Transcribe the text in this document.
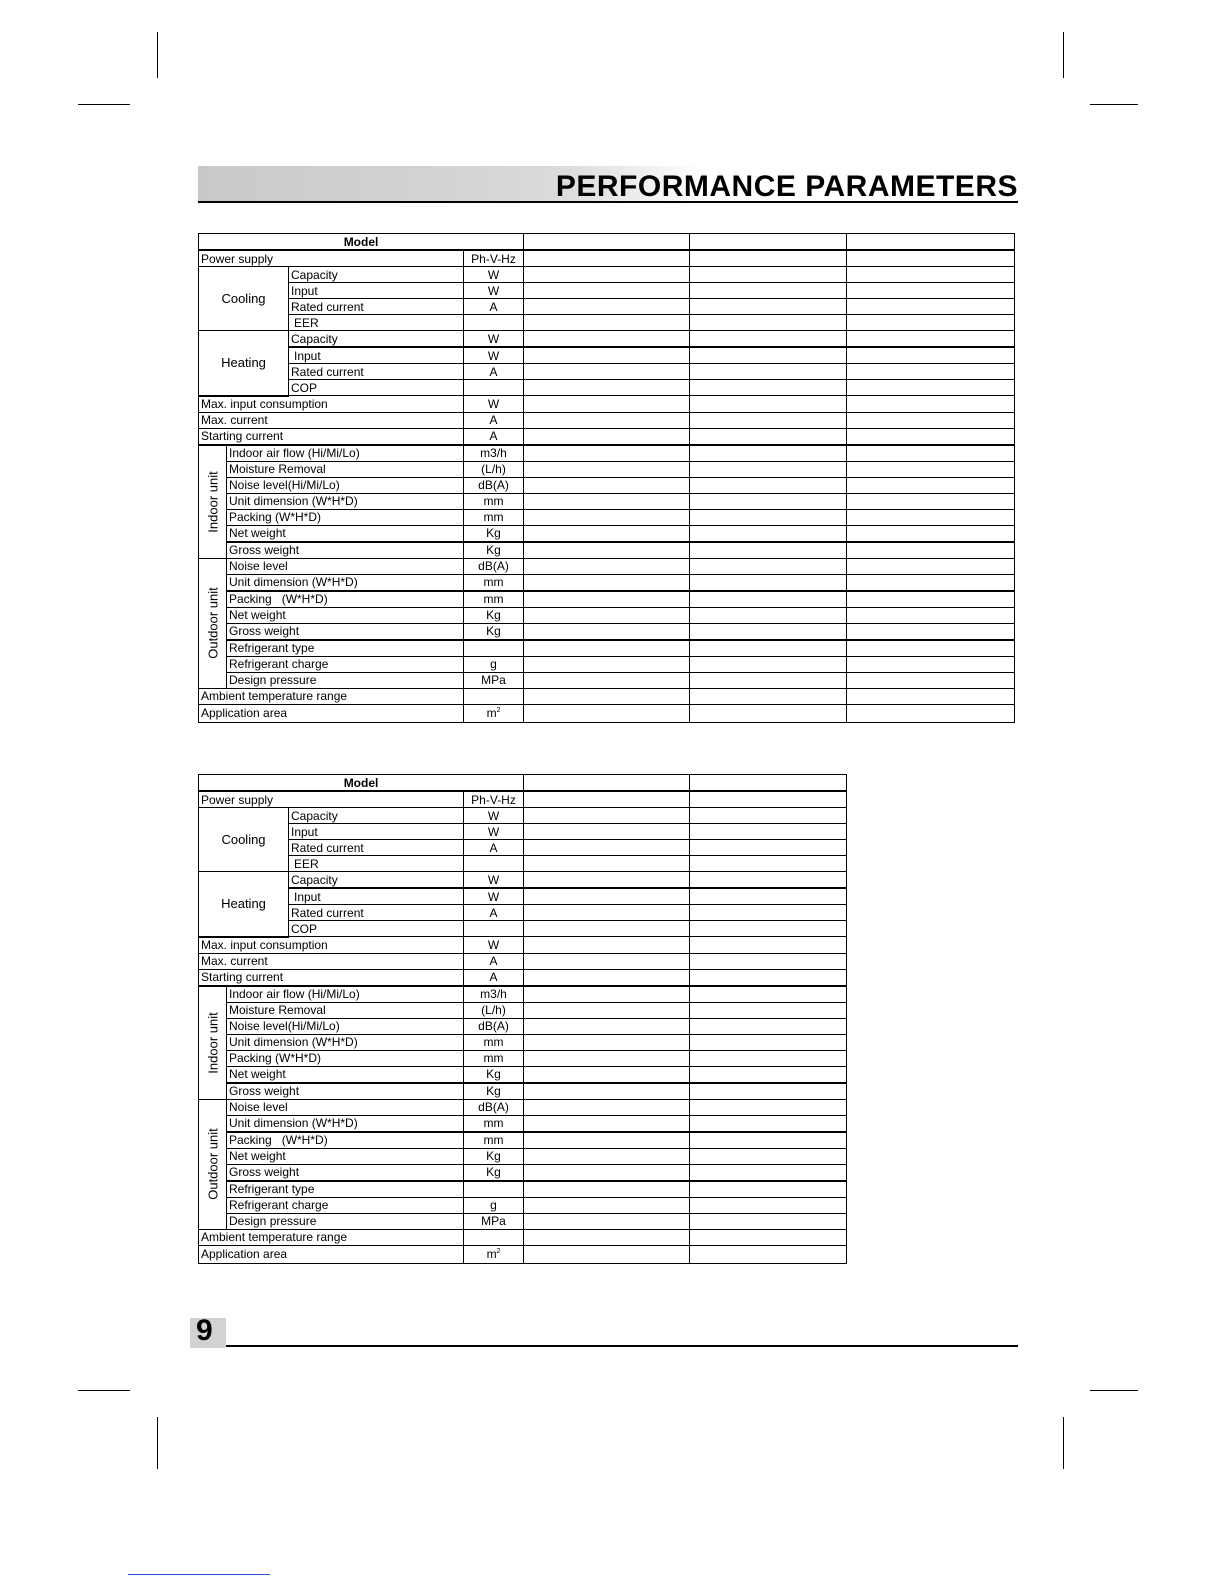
PERFORMANCE PARAMETERS
Model						
Power supply			Ph-V-Hz			
Cooling		Capacity	W			
		Input	W			
		Rated current	A			
		EER				
Heating		Capacity	W			
		Input	W			
		Rated current	A			
		COP				
Max. input consumption			W			
Max. current			A			
Starting current			A			

Indoor unit	Indoor air flow (Hi/Mi/Lo)		m3/h			
	Moisture Removal		(L/h)			
	Noise level(Hi/Mi/Lo)		dB(A)			
	Unit dimension (W*H*D)		mm			
	Packing (W*H*D)		mm			
	Net weight		Kg			
	Gross weight		Kg			

Outdoor unit	Noise level		dB(A)			
	Unit dimension (W*H*D)		mm			
	Packing   (W*H*D)		mm			
	Net weight		Kg			
	Gross weight		Kg			
	Refrigerant type					
	Refrigerant charge		g			
	Design pressure		MPa			
Ambient temperature range						
Application area			$m^2$			
Model					
Power supply			Ph-V-Hz		
Cooling		Capacity	W		
		Input	W		
		Rated current	A		
		EER			
Heating		Capacity	W		
		Input	W		
		Rated current	A		
		COP			
Max. input consumption			W		
Max. current			A		
Starting current			A		

Indoor unit	Indoor air flow (Hi/Mi/Lo)		m3/h		
	Moisture Removal		(L/h)		
	Noise level(Hi/Mi/Lo)		dB(A)		
	Unit dimension (W*H*D)		mm		
	Packing (W*H*D)		mm		
	Net weight		Kg		
	Gross weight		Kg		

Outdoor unit	Noise level		dB(A)		
	Unit dimension (W*H*D)		mm		
	Packing   (W*H*D)		mm		
	Net weight		Kg		
	Gross weight		Kg		
	Refrigerant type				
	Refrigerant charge		g		
	Design pressure		MPa		
Ambient temperature range					
Application area			$m^2$		
9
